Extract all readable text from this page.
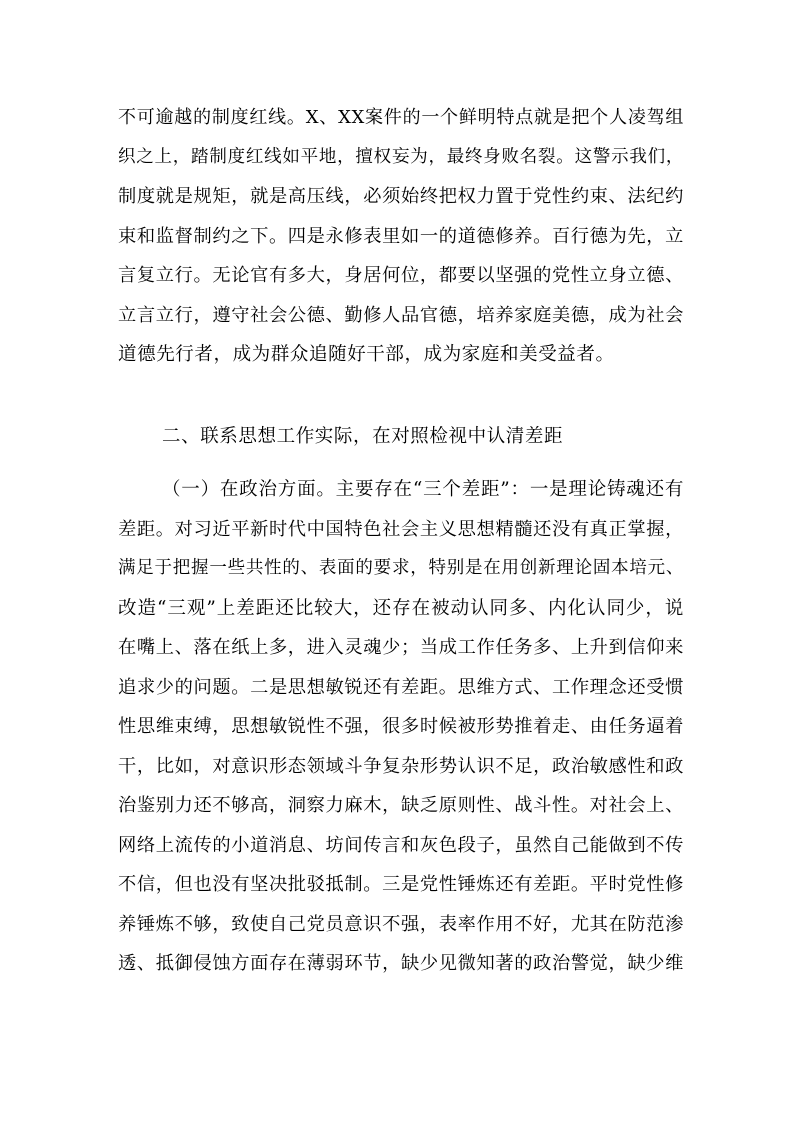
不可逾越的制度红线。X、XX案件的一个鲜明特点就是把个人凌驾组
织之上，踏制度红线如平地，擅权妄为，最终身败名裂。这警示我们，
制度就是规矩，就是高压线，必须始终把权力置于党性约束、法纪约
束和监督制约之下。四是永修表里如一的道德修养。百行德为先，立
言复立行。无论官有多大，身居何位，都要以坚强的党性立身立德、
立言立行，遵守社会公德、勤修人品官德，培养家庭美德，成为社会
道德先行者，成为群众追随好干部，成为家庭和美受益者。
二、联系思想工作实际，在对照检视中认清差距
（一）在政治方面。主要存在“三个差距”：一是理论铸魂还有
差距。对习近平新时代中国特色社会主义思想精髓还没有真正掌握，
满足于把握一些共性的、表面的要求，特别是在用创新理论固本培元、
改造“三观”上差距还比较大，还存在被动认同多、内化认同少，说
在嘴上、落在纸上多，进入灵魂少；当成工作任务多、上升到信仰来
追求少的问题。二是思想敏锐还有差距。思维方式、工作理念还受惯
性思维束缚，思想敏锐性不强，很多时候被形势推着走、由任务逼着
干，比如，对意识形态领域斗争复杂形势认识不足，政治敏感性和政
治鉴别力还不够高，洞察力麻木，缺乏原则性、战斗性。对社会上、
网络上流传的小道消息、坊间传言和灰色段子，虽然自己能做到不传
不信，但也没有坚决批驳抵制。三是党性锤炼还有差距。平时党性修
养锤炼不够，致使自己党员意识不强，表率作用不好，尤其在防范渗
透、抵御侵蚀方面存在薄弱环节，缺少见微知著的政治警觉，缺少维
